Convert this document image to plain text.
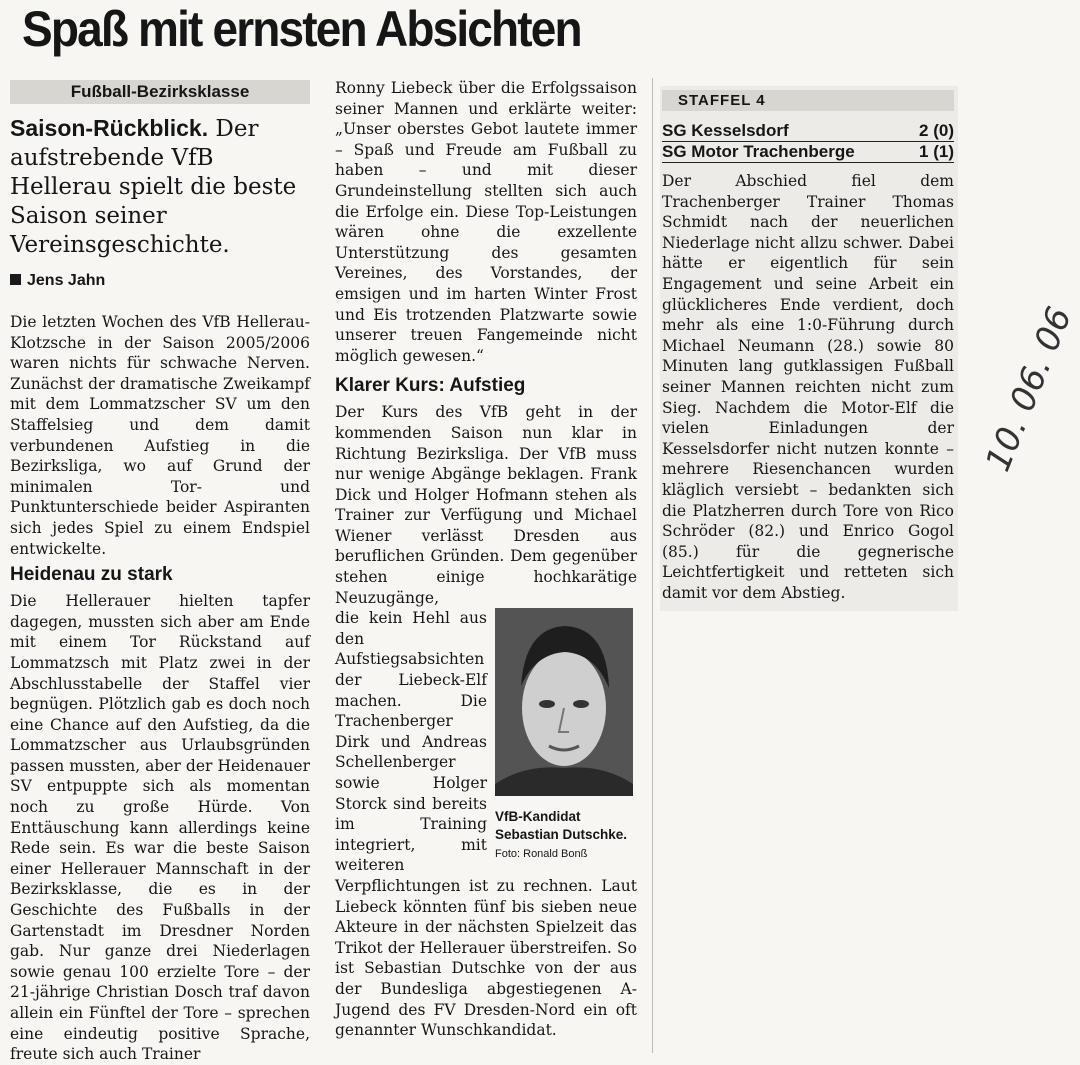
Spaß mit ernsten Absichten
Fußball-Bezirksklasse

Saison-Rückblick. Der aufstrebende VfB Hellerau spielt die beste Saison seiner Vereinsgeschichte.

Jens Jahn

Die letzten Wochen des VfB Hellerau-Klotzsche in der Saison 2005/2006 waren nichts für schwache Nerven. Zunächst der dramatische Zweikampf mit dem Lommatzscher SV um den Staffelsieg und dem damit verbundenen Aufstieg in die Bezirksliga, wo auf Grund der minimalen Tor- und Punktunterschiede beider Aspiranten sich jedes Spiel zu einem Endspiel entwickelte.

Heidenau zu stark

Die Hellerauer hielten tapfer dagegen, mussten sich aber am Ende mit einem Tor Rückstand auf Lommatzsch mit Platz zwei in der Abschlusstabelle der Staffel vier begnügen. Plötzlich gab es doch noch eine Chance auf den Aufstieg, da die Lommatzscher aus Urlaubsgründen passen mussten, aber der Heidenauer SV entpuppte sich als momentan noch zu große Hürde. Von Enttäuschung kann allerdings keine Rede sein. Es war die beste Saison einer Hellerauer Mannschaft in der Bezirksklasse, die es in der Geschichte des Fußballs in der Gartenstadt im Dresdner Norden gab. Nur ganze drei Niederlagen sowie genau 100 erzielte Tore – der 21-jährige Christian Dosch traf davon allein ein Fünftel der Tore – sprechen eine eindeutig positive Sprache, freute sich auch Trainer

Ronny Liebeck über die Erfolgssaison seiner Mannen und erklärte weiter: „Unser oberstes Gebot lautete immer – Spaß und Freude am Fußball zu haben – und mit dieser Grundeinstellung stellten sich auch die Erfolge ein. Diese Top-Leistungen wären ohne die exzellente Unterstützung des gesamten Vereines, des Vorstandes, der emsigen und im harten Winter Frost und Eis trotzenden Platzwarte sowie unserer treuen Fangemeinde nicht möglich gewesen.“

Klarer Kurs: Aufstieg

Der Kurs des VfB geht in der kommenden Saison nun klar in Richtung Bezirksliga. Der VfB muss nur wenige Abgänge beklagen. Frank Dick und Holger Hofmann stehen als Trainer zur Verfügung und Michael Wiener verlässt Dresden aus beruflichen Gründen. Dem gegenüber stehen einige hochkarätige Neuzugänge,

VfB-Kandidat Sebastian Dutschke. Foto: Ronald Bonß

die kein Hehl aus den Aufstiegsabsichten der Liebeck-Elf machen. Die Trachenberger Dirk und Andreas Schellenberger sowie Holger Storck sind bereits im Training integriert, mit weiteren Verpflichtungen ist zu rechnen. Laut Liebeck könnten fünf bis sieben neue Akteure in der nächsten Spielzeit das Trikot der Hellerauer überstreifen. So ist Sebastian Dutschke von der aus der Bundesliga abgestiegenen A-Jugend des FV Dresden-Nord ein oft genannter Wunschkandidat.

STAFFEL 4
SG Kesselsdorf	2 (0)
SG Motor Trachenberge	1 (1)

Der Abschied fiel dem Trachenberger Trainer Thomas Schmidt nach der neuerlichen Niederlage nicht allzu schwer. Dabei hätte er eigentlich für sein Engagement und seine Arbeit ein glücklicheres Ende verdient, doch mehr als eine 1:0-Führung durch Michael Neumann (28.) sowie 80 Minuten lang gutklassigen Fußball seiner Mannen reichten nicht zum Sieg. Nachdem die Motor-Elf die vielen Einladungen der Kesselsdorfer nicht nutzen konnte – mehrere Riesenchancen wurden kläglich versiebt – bedankten sich die Platzherren durch Tore von Rico Schröder (82.) und Enrico Gogol (85.) für die gegnerische Leichtfertigkeit und retteten sich damit vor dem Abstieg.

10. 06. 06
